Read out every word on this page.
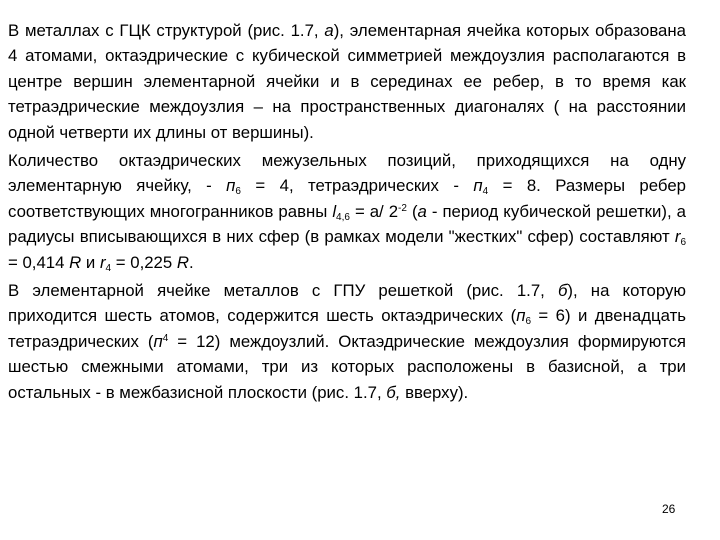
В металлах с ГЦК структурой (рис. 1.7, а), элементарная ячейка которых образована 4 атомами, октаэдрические с кубической симметрией междоузлия располагаются в центре вершин элементарной ячейки и в серединах ее ребер, в то время как тетраэдрические междоузлия – на пространственных диагоналях ( на расстоянии одной четверти их длины от вершины).

Количество октаэдрических межузельных позиций, приходящихся на одну элементарную ячейку, - $п_6 = 4$, тетраэдрических - $п_4 = 8$. Размеры ребер соответствующих многогранников равны $l_{4,6} = a/$ $2^{-2}$ (а - период кубической решетки), а радиусы вписывающихся в них сфер (в рамках модели "жестких" сфер) составляют $r_6 = 0,414$ R и $r_4 = 0,225$ R.

В элементарной ячейке металлов с ГПУ решеткой (рис. 1.7, б), на которую приходится шесть атомов, содержится шесть октаэдрических $(п_6 = 6)$ и двенадцать тетраэдрических $(п^4 = 12)$ междоузлий. Октаэдрические междоузлия формируются шестью смежными атомами, три из которых расположены в базисной, а три остальных - в межбазисной плоскости (рис. 1.7, б, вверху).

26
